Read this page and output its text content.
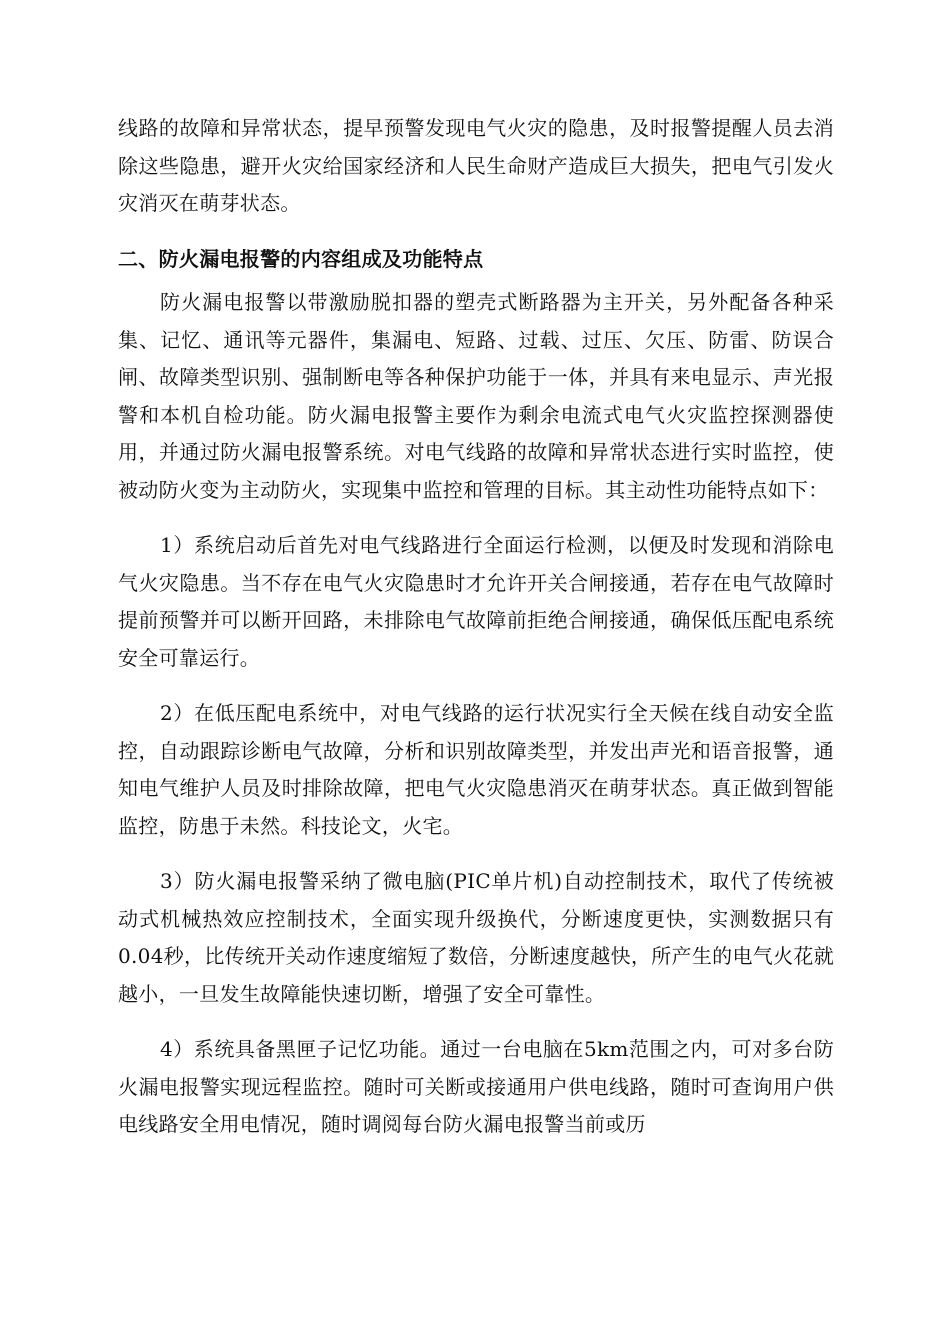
线路的故障和异常状态，提早预警发现电气火灾的隐患，及时报警提醒人员去消除这些隐患，避开火灾给国家经济和人民生命财产造成巨大损失，把电气引发火灾消灭在萌芽状态。

二、防火漏电报警的内容组成及功能特点

防火漏电报警以带激励脱扣器的塑壳式断路器为主开关，另外配备各种采集、记忆、通讯等元器件，集漏电、短路、过载、过压、欠压、防雷、防误合闸、故障类型识别、强制断电等各种保护功能于一体，并具有来电显示、声光报警和本机自检功能。防火漏电报警主要作为剩余电流式电气火灾监控探测器使用，并通过防火漏电报警系统。对电气线路的故障和异常状态进行实时监控，使被动防火变为主动防火，实现集中监控和管理的目标。其主动性功能特点如下：

1）系统启动后首先对电气线路进行全面运行检测，以便及时发现和消除电气火灾隐患。当不存在电气火灾隐患时才允许开关合闸接通，若存在电气故障时提前预警并可以断开回路，未排除电气故障前拒绝合闸接通，确保低压配电系统安全可靠运行。

2）在低压配电系统中，对电气线路的运行状况实行全天候在线自动安全监控，自动跟踪诊断电气故障，分析和识别故障类型，并发出声光和语音报警，通知电气维护人员及时排除故障，把电气火灾隐患消灭在萌芽状态。真正做到智能监控，防患于未然。科技论文，火宅。

3）防火漏电报警采纳了微电脑(PIC单片机)自动控制技术，取代了传统被动式机械热效应控制技术，全面实现升级换代，分断速度更快，实测数据只有0.04秒，比传统开关动作速度缩短了数倍，分断速度越快，所产生的电气火花就越小，一旦发生故障能快速切断，增强了安全可靠性。

4）系统具备黑匣子记忆功能。通过一台电脑在5km范围之内，可对多台防火漏电报警实现远程监控。随时可关断或接通用户供电线路，随时可查询用户供电线路安全用电情况，随时调阅每台防火漏电报警当前或历
